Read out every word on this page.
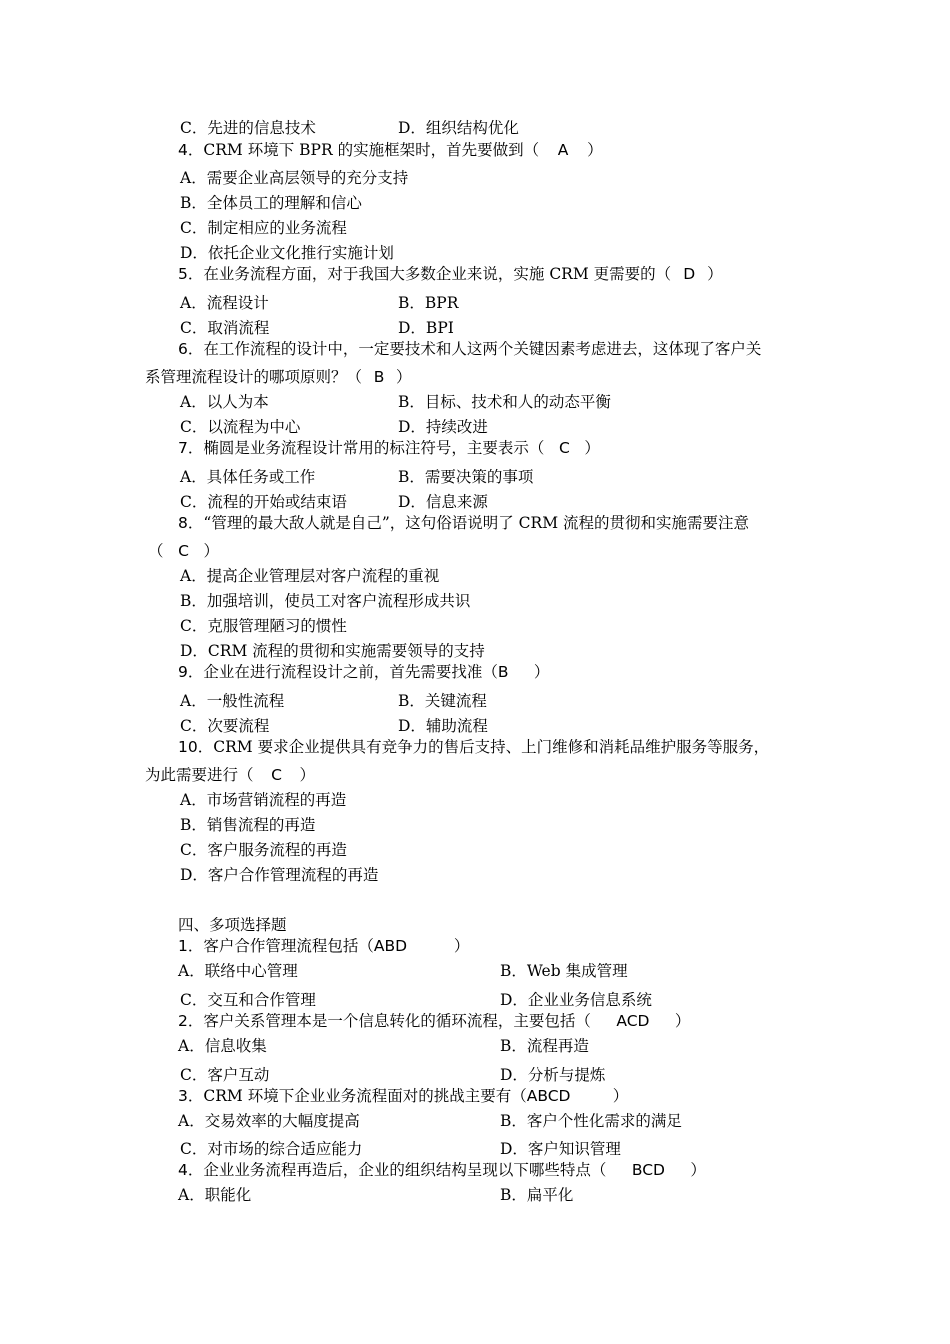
C．先进的信息技术	D．组织结构优化
4．CRM 环境下 BPR 的实施框架时，首先要做到（ A ）
A．需要企业高层领导的充分支持
B．全体员工的理解和信心
C．制定相应的业务流程
D．依托企业文化推行实施计划
5．在业务流程方面，对于我国大多数企业来说，实施 CRM 更需要的（ D ）
A．流程设计	B．BPR
C．取消流程	D．BPI
6．在工作流程的设计中，一定要技术和人这两个关键因素考虑进去，这体现了客户关
系管理流程设计的哪项原则？（ B ）
A．以人为本	B．目标、技术和人的动态平衡
C．以流程为中心	D．持续改进
7．椭圆是业务流程设计常用的标注符号，主要表示（ C ）
A．具体任务或工作	B．需要决策的事项
C．流程的开始或结束语	D．信息来源
8．“管理的最大敌人就是自己”，这句俗语说明了 CRM 流程的贯彻和实施需要注意
（ C ）
A．提高企业管理层对客户流程的重视
B．加强培训，使员工对客户流程形成共识
C．克服管理陋习的惯性
D．CRM 流程的贯彻和实施需要领导的支持
9．企业在进行流程设计之前，首先需要找准（B ）
A．一般性流程	B．关键流程
C．次要流程	D．辅助流程
10．CRM 要求企业提供具有竞争力的售后支持、上门维修和消耗品维护服务等服务，
为此需要进行（ C ）
A．市场营销流程的再造
B．销售流程的再造
C．客户服务流程的再造
D．客户合作管理流程的再造
四、多项选择题
1．客户合作管理流程包括（ABD	）
A．联络中心管理	B．Web 集成管理
C．交互和合作管理	D．企业业务信息系统
2．客户关系管理本是一个信息转化的循环流程，主要包括（ ACD ）
A．信息收集	B．流程再造
C．客户互动	D．分析与提炼
3．CRM 环境下企业业务流程面对的挑战主要有（ABCD	）
A．交易效率的大幅度提高	B．客户个性化需求的满足
C．对市场的综合适应能力	D．客户知识管理
4．企业业务流程再造后，企业的组织结构呈现以下哪些特点（ BCD ）
A．职能化	B．扁平化
